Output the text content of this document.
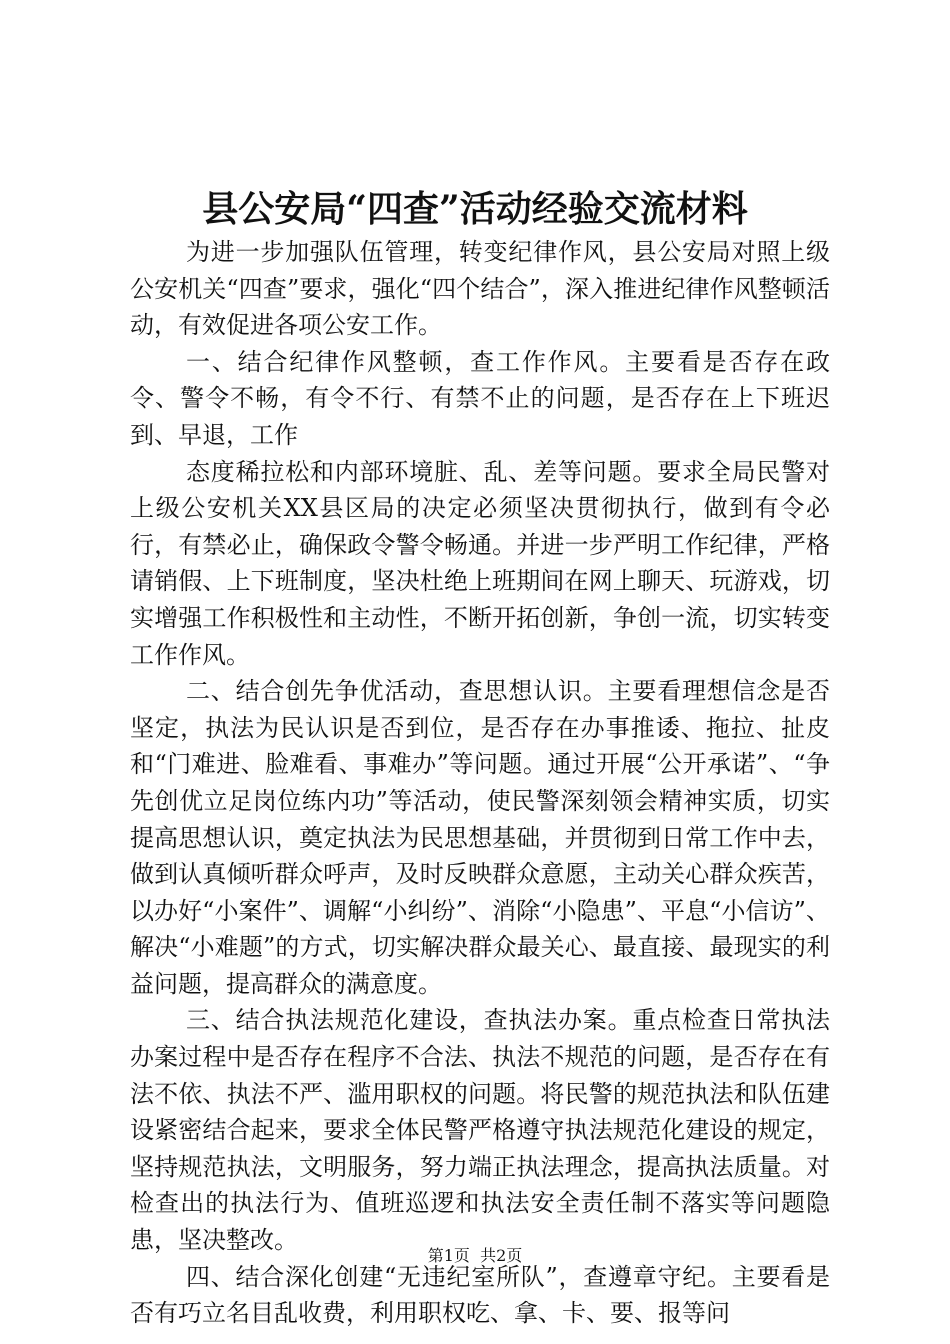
县公安局“四查”活动经验交流材料

为进一步加强队伍管理，转变纪律作风，县公安局对照上级公安机关“四查”要求，强化“四个结合”，深入推进纪律作风整顿活动，有效促进各项公安工作。

一、结合纪律作风整顿，查工作作风。主要看是否存在政令、警令不畅，有令不行、有禁不止的问题，是否存在上下班迟到、早退，工作

态度稀拉松和内部环境脏、乱、差等问题。要求全局民警对上级公安机关XX县区局的决定必须坚决贯彻执行，做到有令必行，有禁必止，确保政令警令畅通。并进一步严明工作纪律，严格请销假、上下班制度，坚决杜绝上班期间在网上聊天、玩游戏，切实增强工作积极性和主动性，不断开拓创新，争创一流，切实转变工作作风。

二、结合创先争优活动，查思想认识。主要看理想信念是否坚定，执法为民认识是否到位，是否存在办事推诿、拖拉、扯皮和“门难进、脸难看、事难办”等问题。通过开展“公开承诺”、“争先创优立足岗位练内功”等活动，使民警深刻领会精神实质，切实提高思想认识，奠定执法为民思想基础，并贯彻到日常工作中去，做到认真倾听群众呼声，及时反映群众意愿，主动关心群众疾苦，以办好“小案件”、调解“小纠纷”、消除“小隐患”、平息“小信访”、解决“小难题”的方式，切实解决群众最关心、最直接、最现实的利益问题，提高群众的满意度。

三、结合执法规范化建设，查执法办案。重点检查日常执法办案过程中是否存在程序不合法、执法不规范的问题，是否存在有法不依、执法不严、滥用职权的问题。将民警的规范执法和队伍建设紧密结合起来，要求全体民警严格遵守执法规范化建设的规定，坚持规范执法，文明服务，努力端正执法理念，提高执法质量。对检查出的执法行为、值班巡逻和执法安全责任制不落实等问题隐患，坚决整改。

四、结合深化创建“无违纪室所队”，查遵章守纪。主要看是否有巧立名目乱收费，利用职权吃、拿、卡、要、报等问

第1页 共2页
